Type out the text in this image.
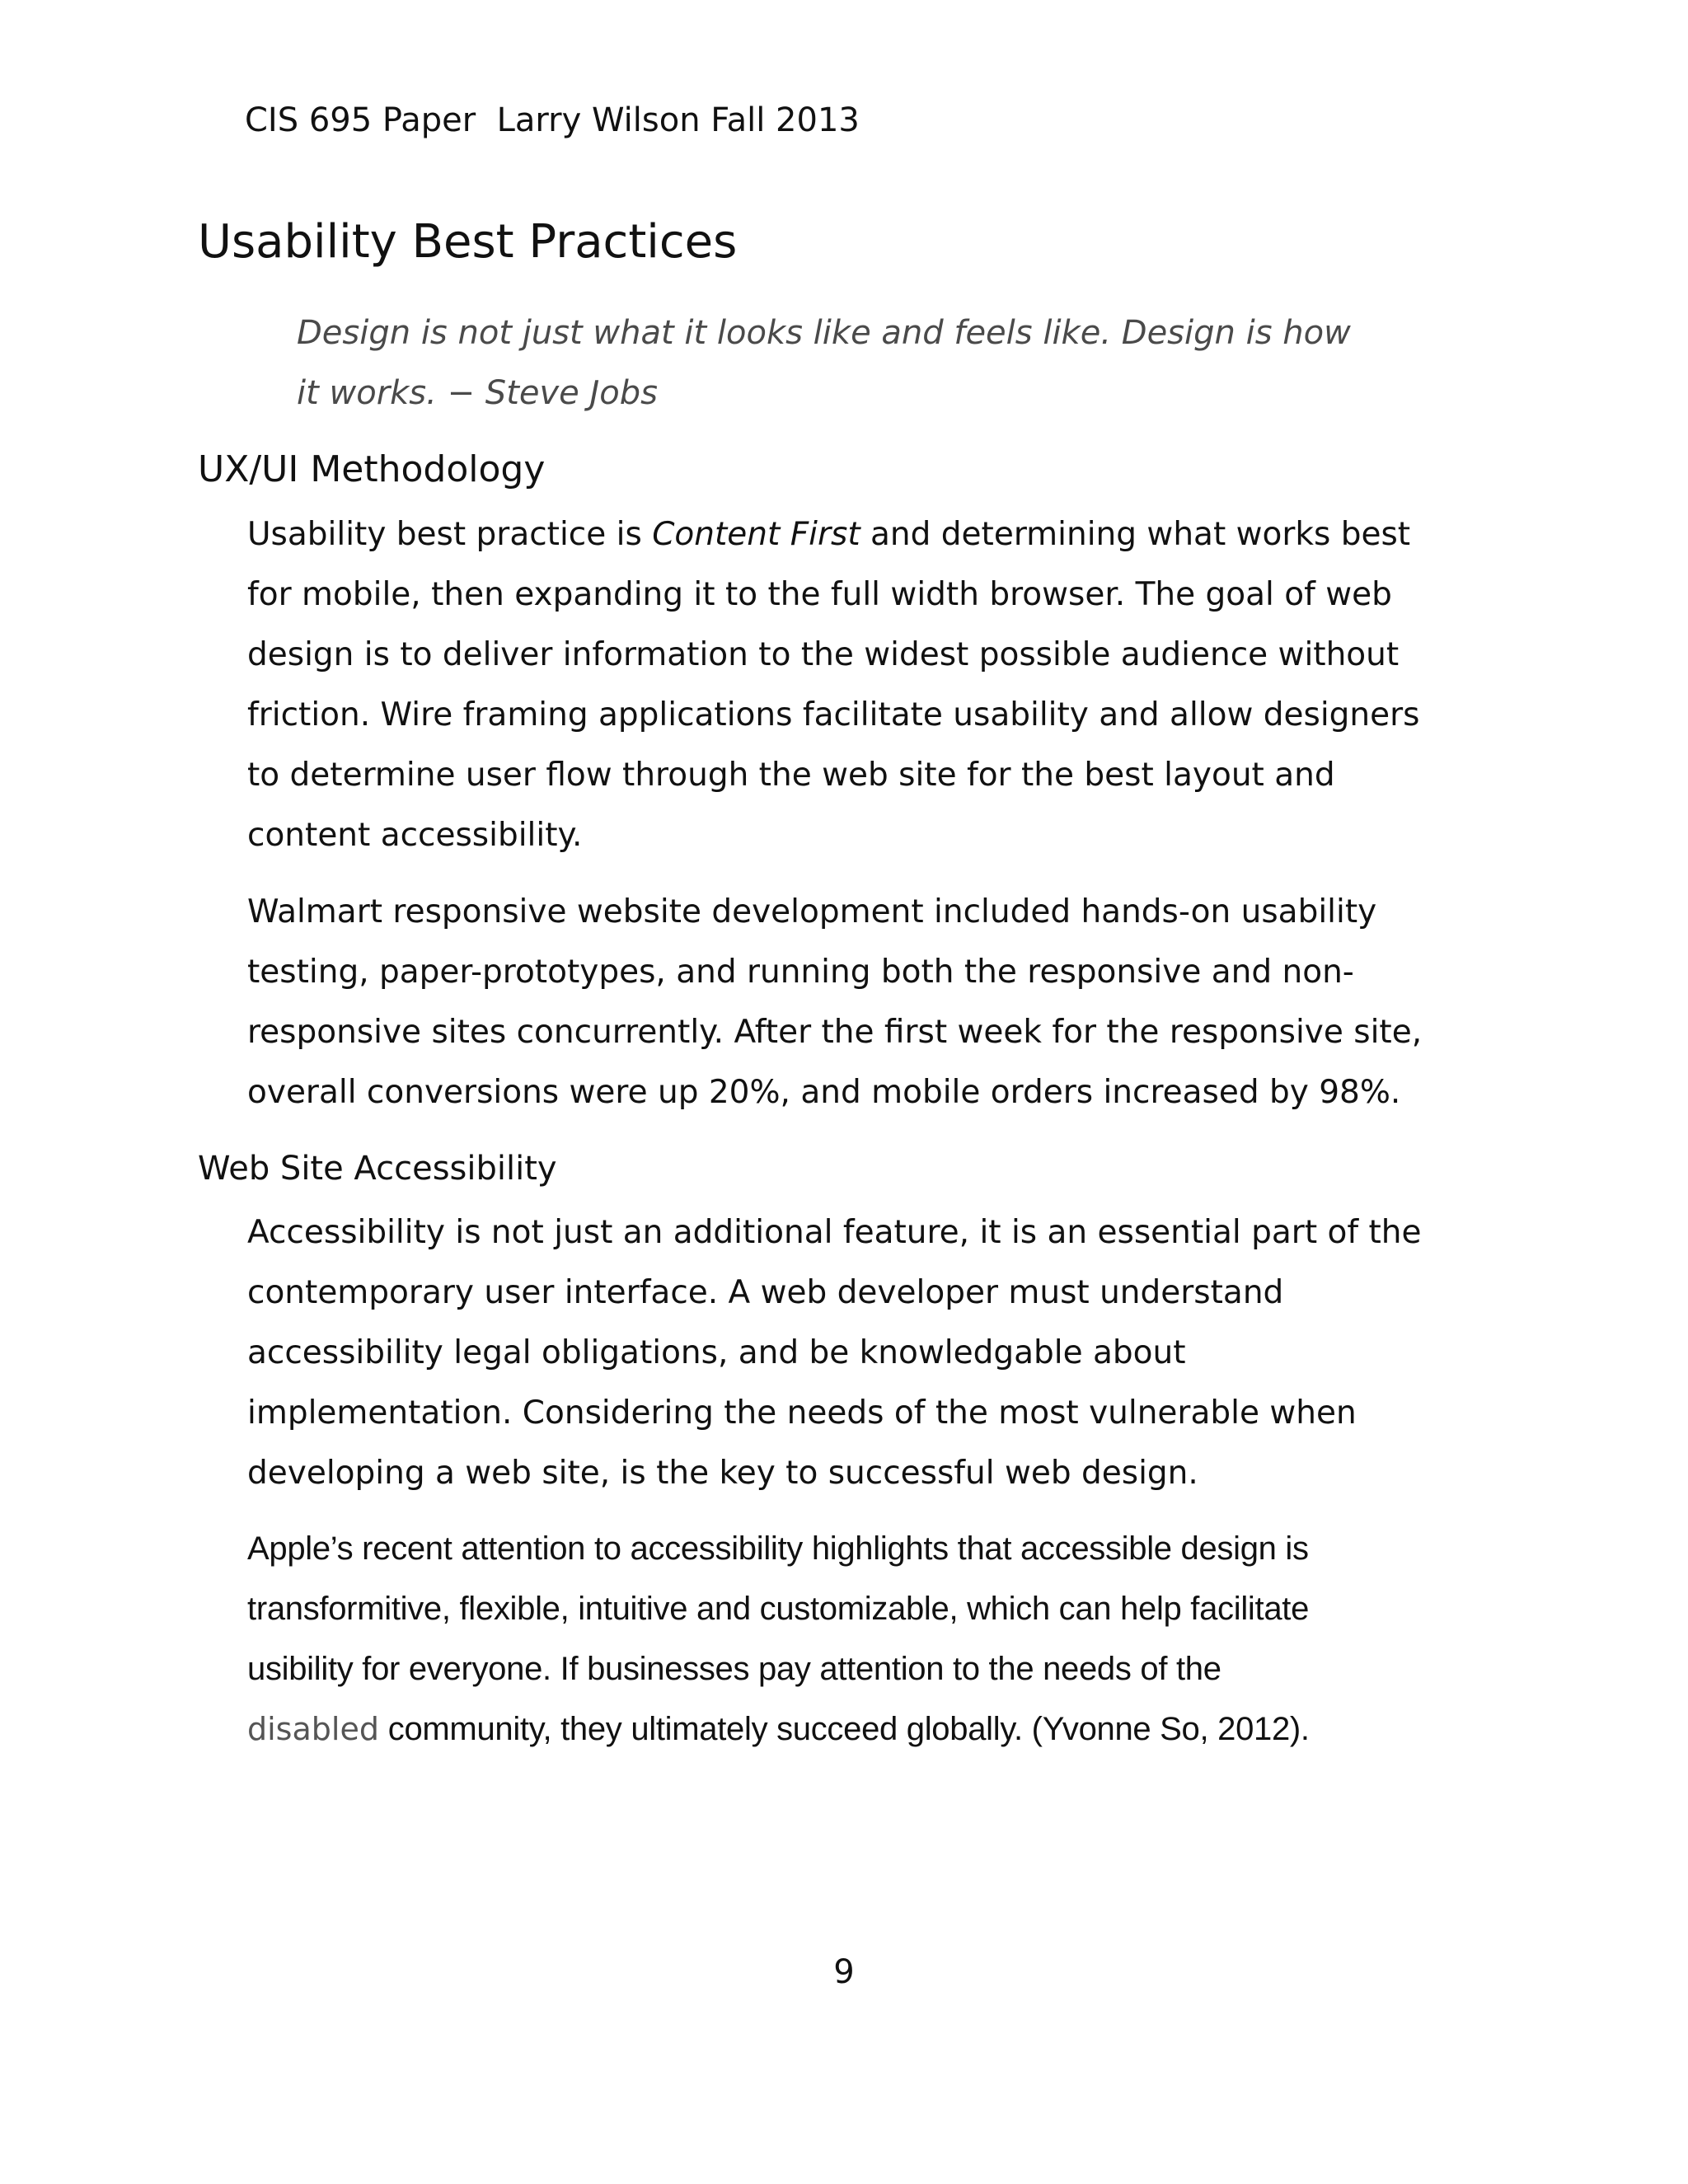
CIS 695 Paper  Larry Wilson Fall 2013
Usability Best Practices
Design is not just what it looks like and feels like. Design is how
it works. − Steve Jobs
UX/UI Methodology
Usability best practice is Content First and determining what works best
for mobile, then expanding it to the full width browser. The goal of web
design is to deliver information to the widest possible audience without
friction. Wire framing applications facilitate usability and allow designers
to determine user flow through the web site for the best layout and
content accessibility.
Walmart responsive website development included hands-on usability
testing, paper-prototypes, and running both the responsive and non-
responsive sites concurrently. After the first week for the responsive site,
overall conversions were up 20%, and mobile orders increased by 98%.
Web Site Accessibility
Accessibility is not just an additional feature, it is an essential part of the
contemporary user interface. A web developer must understand
accessibility legal obligations, and be knowledgable about
implementation. Considering the needs of the most vulnerable when
developing a web site, is the key to successful web design.
Apple’s recent attention to accessibility highlights that accessible design is
transformitive, flexible, intuitive and customizable, which can help facilitate
usibility for everyone. If businesses pay attention to the needs of the
disabled community, they ultimately succeed globally. (Yvonne So, 2012).
9
